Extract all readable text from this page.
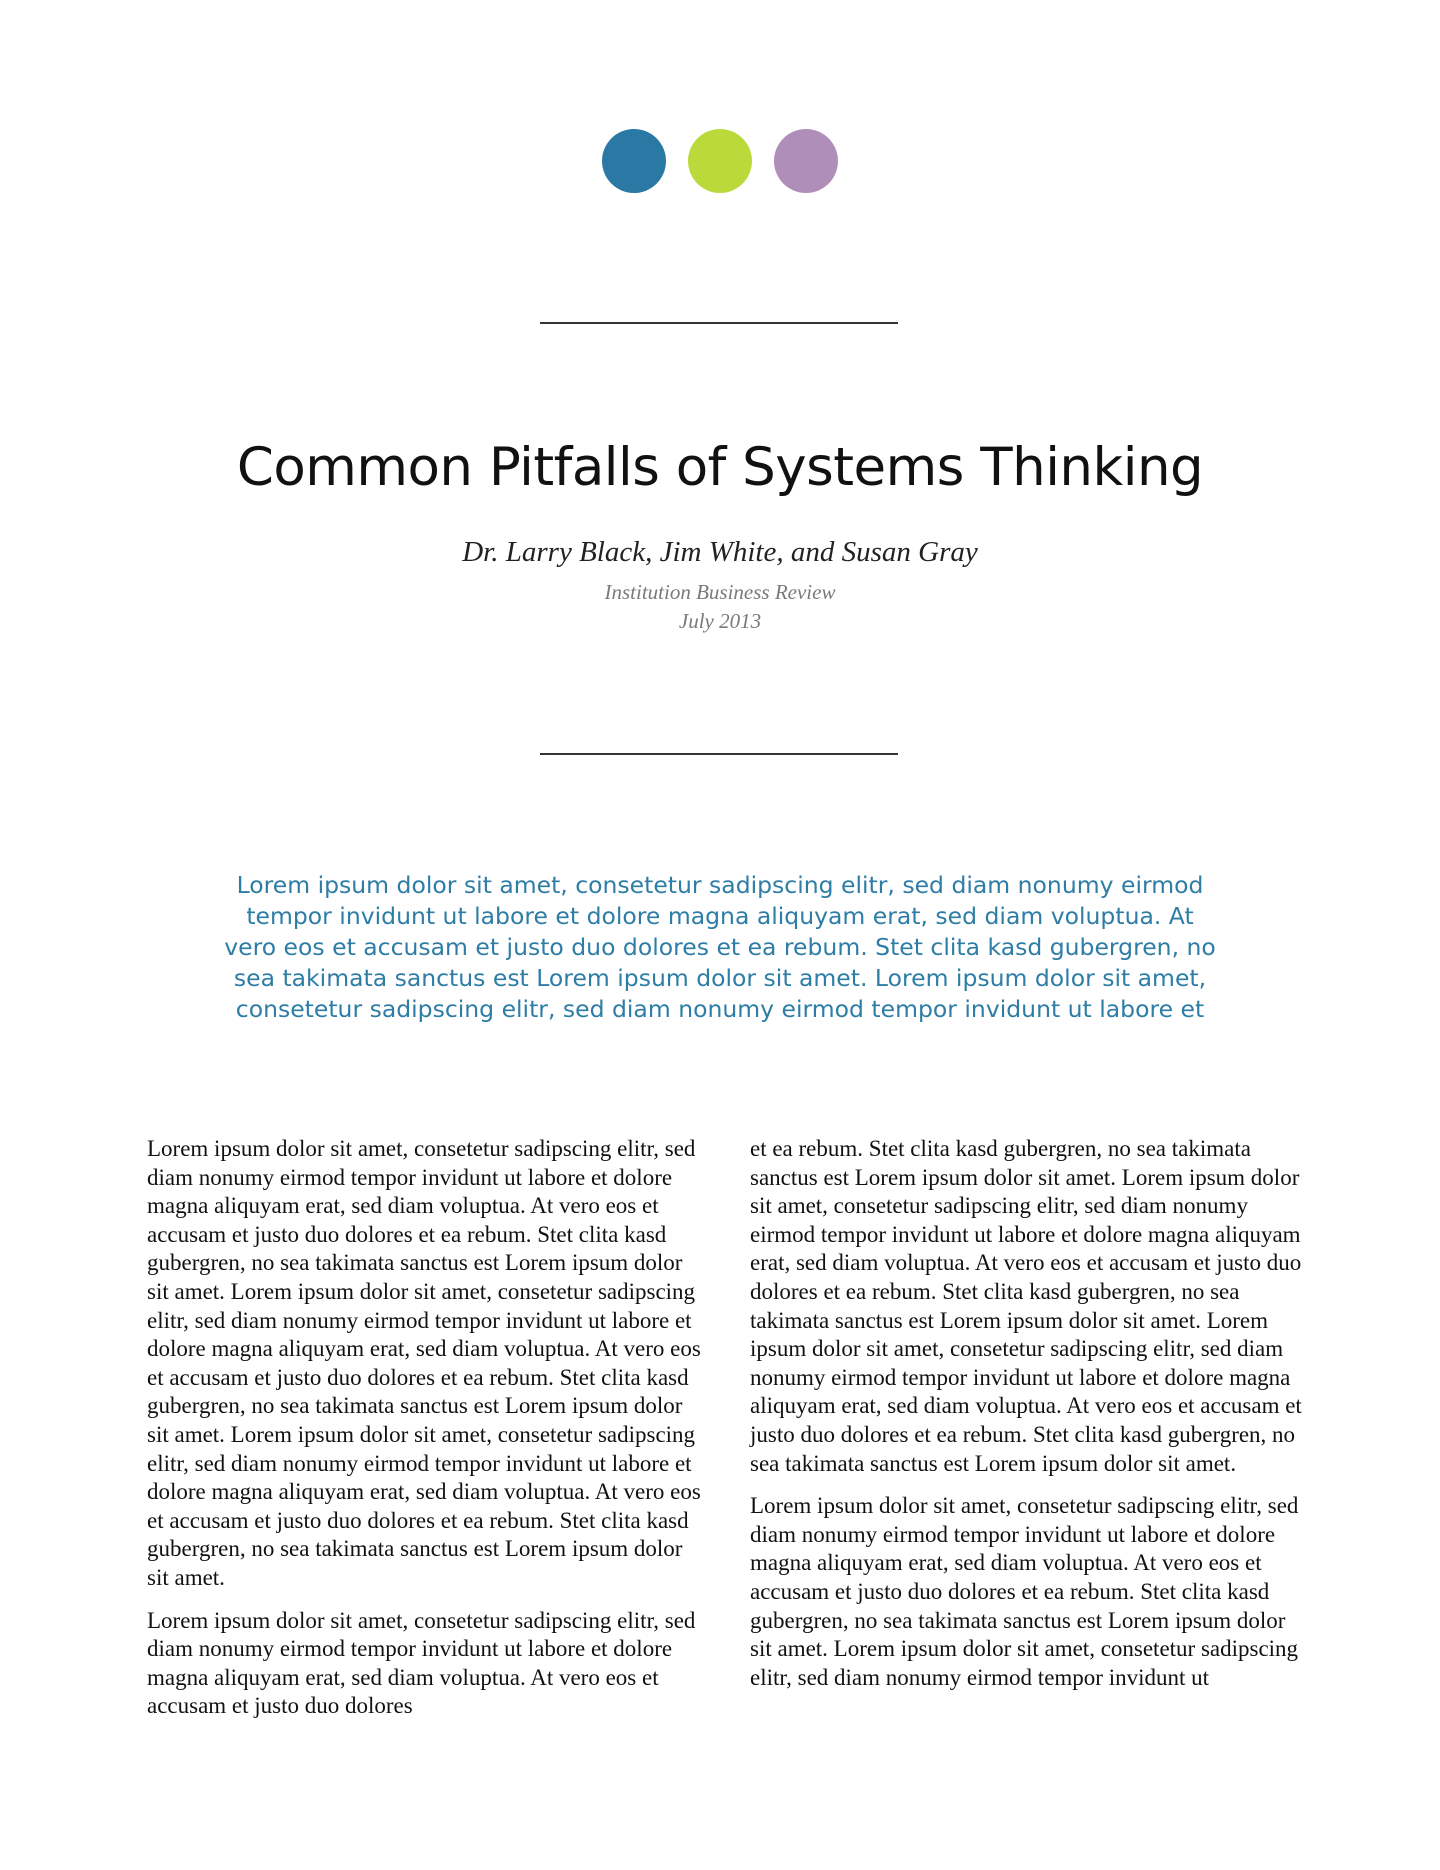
Common Pitfalls of Systems Thinking
Dr. Larry Black, Jim White, and Susan Gray
Institution Business Review
July 2013

Lorem ipsum dolor sit amet, consetetur sadipscing elitr, sed diam nonumy eirmod tempor invidunt ut labore et dolore magna aliquyam erat, sed diam voluptua. At vero eos et accusam et justo duo dolores et ea rebum. Stet clita kasd gubergren, no sea takimata sanctus est Lorem ipsum dolor sit amet. Lorem ipsum dolor sit amet, consetetur sadipscing elitr, sed diam nonumy eirmod tempor invidunt ut labore et

Lorem ipsum dolor sit amet, consetetur sadipscing elitr, sed diam nonumy eirmod tempor invidunt ut labore et dolore magna aliquyam erat, sed diam voluptua. At vero eos et accusam et justo duo dolores et ea rebum. Stet clita kasd gubergren, no sea takimata sanctus est Lorem ipsum dolor sit amet. Lorem ipsum dolor sit amet, consetetur sadipscing elitr, sed diam nonumy eirmod tempor invidunt ut labore et dolore magna aliquyam erat, sed diam voluptua. At vero eos et accusam et justo duo dolores et ea rebum. Stet clita kasd gubergren, no sea takimata sanctus est Lorem ipsum dolor sit amet. Lorem ipsum dolor sit amet, consetetur sadipscing elitr, sed diam nonumy eirmod tempor invidunt ut labore et dolore magna aliquyam erat, sed diam voluptua. At vero eos et accusam et justo duo dolores et ea rebum. Stet clita kasd gubergren, no sea takimata sanctus est Lorem ipsum dolor sit amet.

Lorem ipsum dolor sit amet, consetetur sadipscing elitr, sed diam nonumy eirmod tempor invidunt ut labore et dolore magna aliquyam erat, sed diam voluptua. At vero eos et accusam et justo duo dolores

et ea rebum. Stet clita kasd gubergren, no sea takimata sanctus est Lorem ipsum dolor sit amet. Lorem ipsum dolor sit amet, consetetur sadipscing elitr, sed diam nonumy eirmod tempor invidunt ut labore et dolore magna aliquyam erat, sed diam voluptua. At vero eos et accusam et justo duo dolores et ea rebum. Stet clita kasd gubergren, no sea takimata sanctus est Lorem ipsum dolor sit amet. Lorem ipsum dolor sit amet, consetetur sadipscing elitr, sed diam nonumy eirmod tempor invidunt ut labore et dolore magna aliquyam erat, sed diam voluptua. At vero eos et accusam et justo duo dolores et ea rebum. Stet clita kasd gubergren, no sea takimata sanctus est Lorem ipsum dolor sit amet.

Lorem ipsum dolor sit amet, consetetur sadipscing elitr, sed diam nonumy eirmod tempor invidunt ut labore et dolore magna aliquyam erat, sed diam voluptua. At vero eos et accusam et justo duo dolores et ea rebum. Stet clita kasd gubergren, no sea takimata sanctus est Lorem ipsum dolor sit amet. Lorem ipsum dolor sit amet, consetetur sadipscing elitr, sed diam nonumy eirmod tempor invidunt ut
